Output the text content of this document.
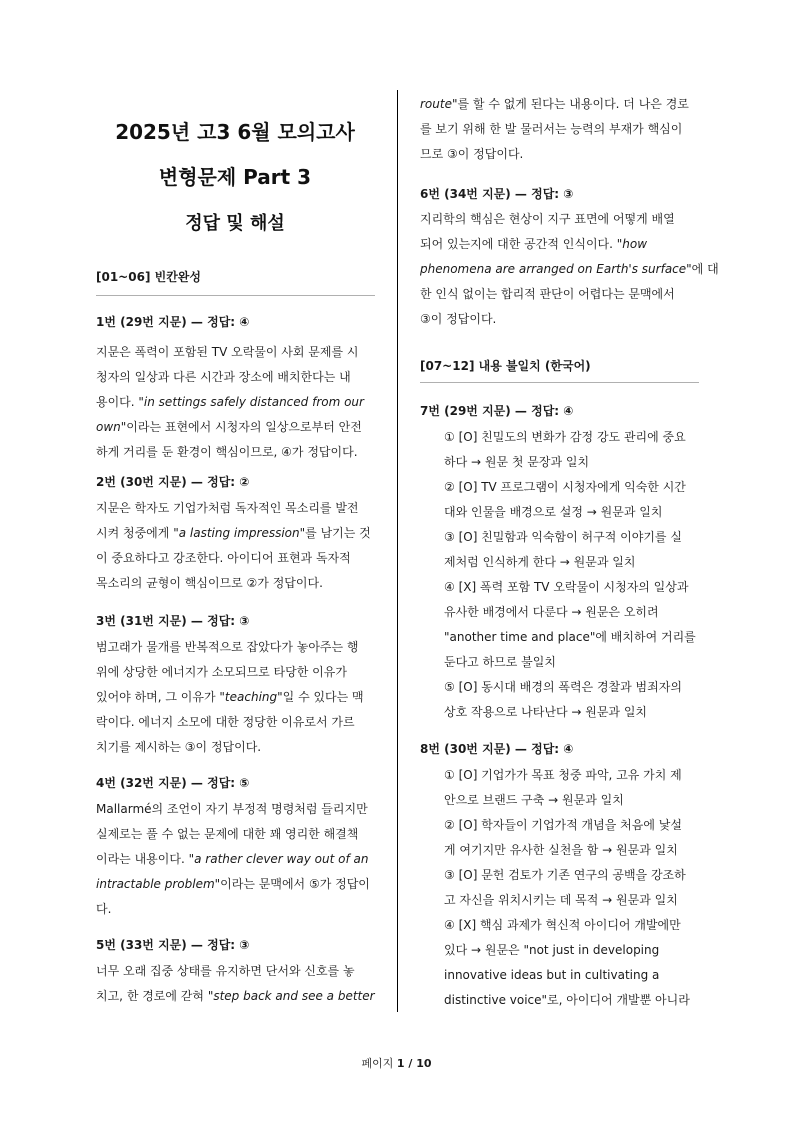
2025년 고3 6월 모의고사
변형문제 Part 3
정답 및 해설
[01~06] 빈칸완성
1번 (29번 지문) — 정답: ④

지문은 폭력이 포함된 TV 오락물이 사회 문제를 시

청자의 일상과 다른 시간과 장소에 배치한다는 내

용이다. "in settings safely distanced from our

own"이라는 표현에서 시청자의 일상으로부터 안전

하게 거리를 둔 환경이 핵심이므로, ④가 정답이다.

2번 (30번 지문) — 정답: ②

지문은 학자도 기업가처럼 독자적인 목소리를 발전

시켜 청중에게 "a lasting impression"를 남기는 것

이 중요하다고 강조한다. 아이디어 표현과 독자적

목소리의 균형이 핵심이므로 ②가 정답이다.

3번 (31번 지문) — 정답: ③

범고래가 물개를 반복적으로 잡았다가 놓아주는 행

위에 상당한 에너지가 소모되므로 타당한 이유가

있어야 하며, 그 이유가 "teaching"일 수 있다는 맥

락이다. 에너지 소모에 대한 정당한 이유로서 가르

치기를 제시하는 ③이 정답이다.

4번 (32번 지문) — 정답: ⑤

Mallarmé의 조언이 자기 부정적 명령처럼 들리지만

실제로는 풀 수 없는 문제에 대한 꽤 영리한 해결책

이라는 내용이다. "a rather clever way out of an

intractable problem"이라는 문맥에서 ⑤가 정답이

다.

5번 (33번 지문) — 정답: ③

너무 오래 집중 상태를 유지하면 단서와 신호를 놓

치고, 한 경로에 갇혀 "step back and see a better

route"를 할 수 없게 된다는 내용이다. 더 나은 경로

를 보기 위해 한 발 물러서는 능력의 부재가 핵심이

므로 ③이 정답이다.

6번 (34번 지문) — 정답: ③

지리학의 핵심은 현상이 지구 표면에 어떻게 배열

되어 있는지에 대한 공간적 인식이다. "how

phenomena are arranged on Earth's surface"에 대

한 인식 없이는 합리적 판단이 어렵다는 문맥에서

③이 정답이다.

[07~12] 내용 불일치 (한국어)
7번 (29번 지문) — 정답: ④

① [O] 친밀도의 변화가 감정 강도 관리에 중요

하다 → 원문 첫 문장과 일치

② [O] TV 프로그램이 시청자에게 익숙한 시간

대와 인물을 배경으로 설정 → 원문과 일치

③ [O] 친밀함과 익숙함이 허구적 이야기를 실

제처럼 인식하게 한다 → 원문과 일치

④ [X] 폭력 포함 TV 오락물이 시청자의 일상과

유사한 배경에서 다룬다 → 원문은 오히려

"another time and place"에 배치하여 거리를

둔다고 하므로 불일치

⑤ [O] 동시대 배경의 폭력은 경찰과 범죄자의

상호 작용으로 나타난다 → 원문과 일치

8번 (30번 지문) — 정답: ④

① [O] 기업가가 목표 청중 파악, 고유 가치 제

안으로 브랜드 구축 → 원문과 일치

② [O] 학자들이 기업가적 개념을 처음에 낯설

게 여기지만 유사한 실천을 함 → 원문과 일치

③ [O] 문헌 검토가 기존 연구의 공백을 강조하

고 자신을 위치시키는 데 목적 → 원문과 일치

④ [X] 핵심 과제가 혁신적 아이디어 개발에만

있다 → 원문은 "not just in developing

innovative ideas but in cultivating a

distinctive voice"로, 아이디어 개발뿐 아니라

페이지 1 / 10
